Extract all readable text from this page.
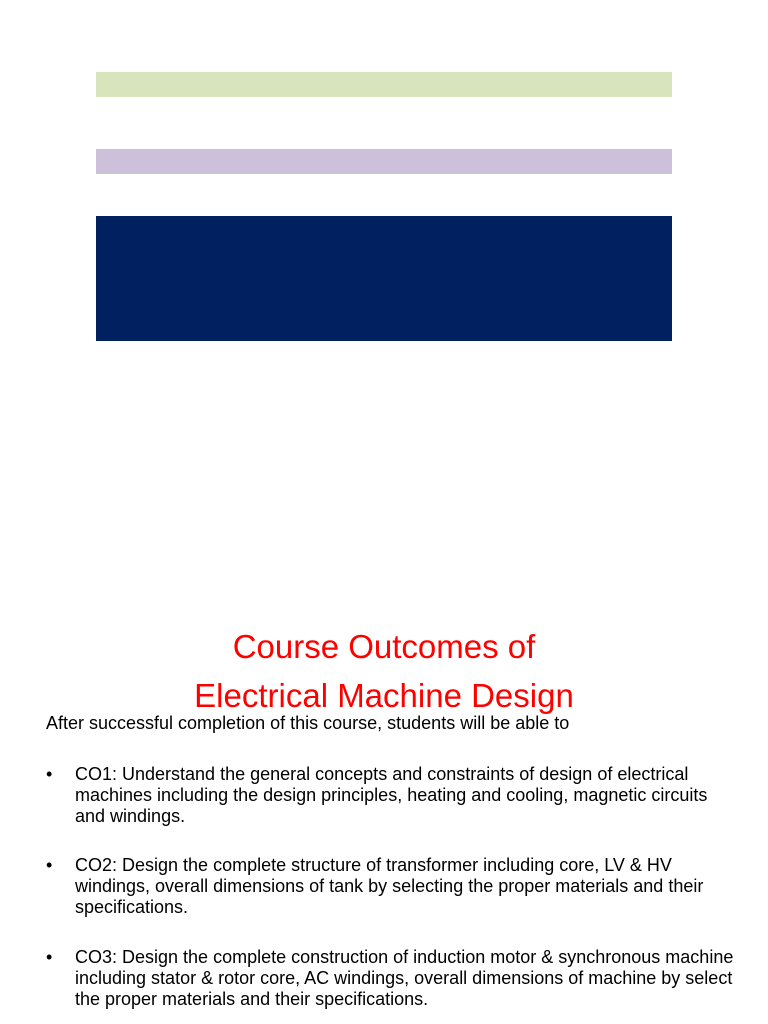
Course Outcomes of
Electrical Machine Design

After successful completion of this course, students will be able to

•	CO1: Understand the general concepts and constraints of design of electrical machines including the design principles, heating and cooling, magnetic circuits and windings.
•	CO2: Design the complete structure of transformer including core, LV & HV windings, overall dimensions of tank by selecting the proper materials and their specifications.
•	CO3: Design the complete construction of induction motor & synchronous machine including stator & rotor core, AC windings, overall dimensions of machine by select the proper materials and their specifications.
